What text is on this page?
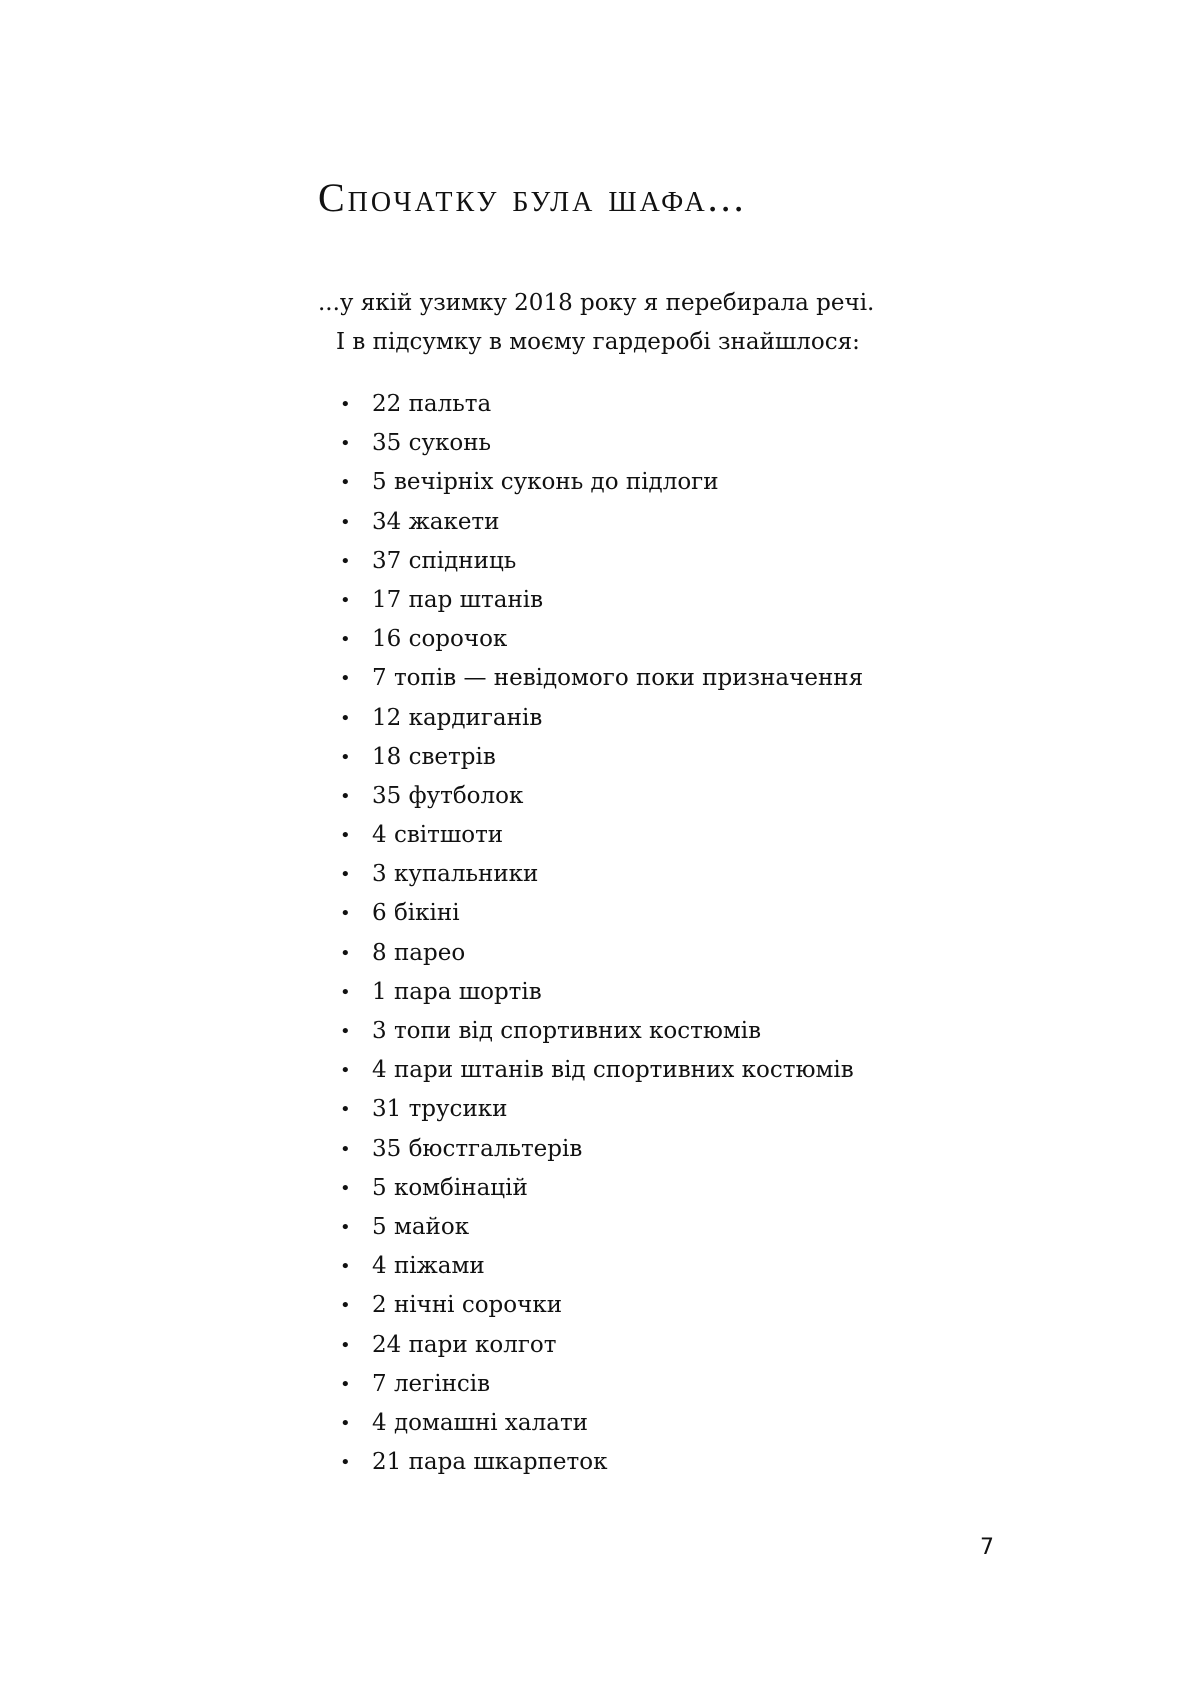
Спочатку була шафа...

...у якій узимку 2018 року я перебирала речі.
І в підсумку в моєму гардеробі знайшлося:

• 22 пальта
• 35 суконь
• 5 вечірніх суконь до підлоги
• 34 жакети
• 37 спідниць
• 17 пар штанів
• 16 сорочок
• 7 топів — невідомого поки призначення
• 12 кардиганів
• 18 светрів
• 35 футболок
• 4 світшоти
• 3 купальники
• 6 бікіні
• 8 парео
• 1 пара шортів
• 3 топи від спортивних костюмів
• 4 пари штанів від спортивних костюмів
• 31 трусики
• 35 бюстгальтерів
• 5 комбінацій
• 5 майок
• 4 піжами
• 2 нічні сорочки
• 24 пари колгот
• 7 легінсів
• 4 домашні халати
• 21 пара шкарпеток
7
